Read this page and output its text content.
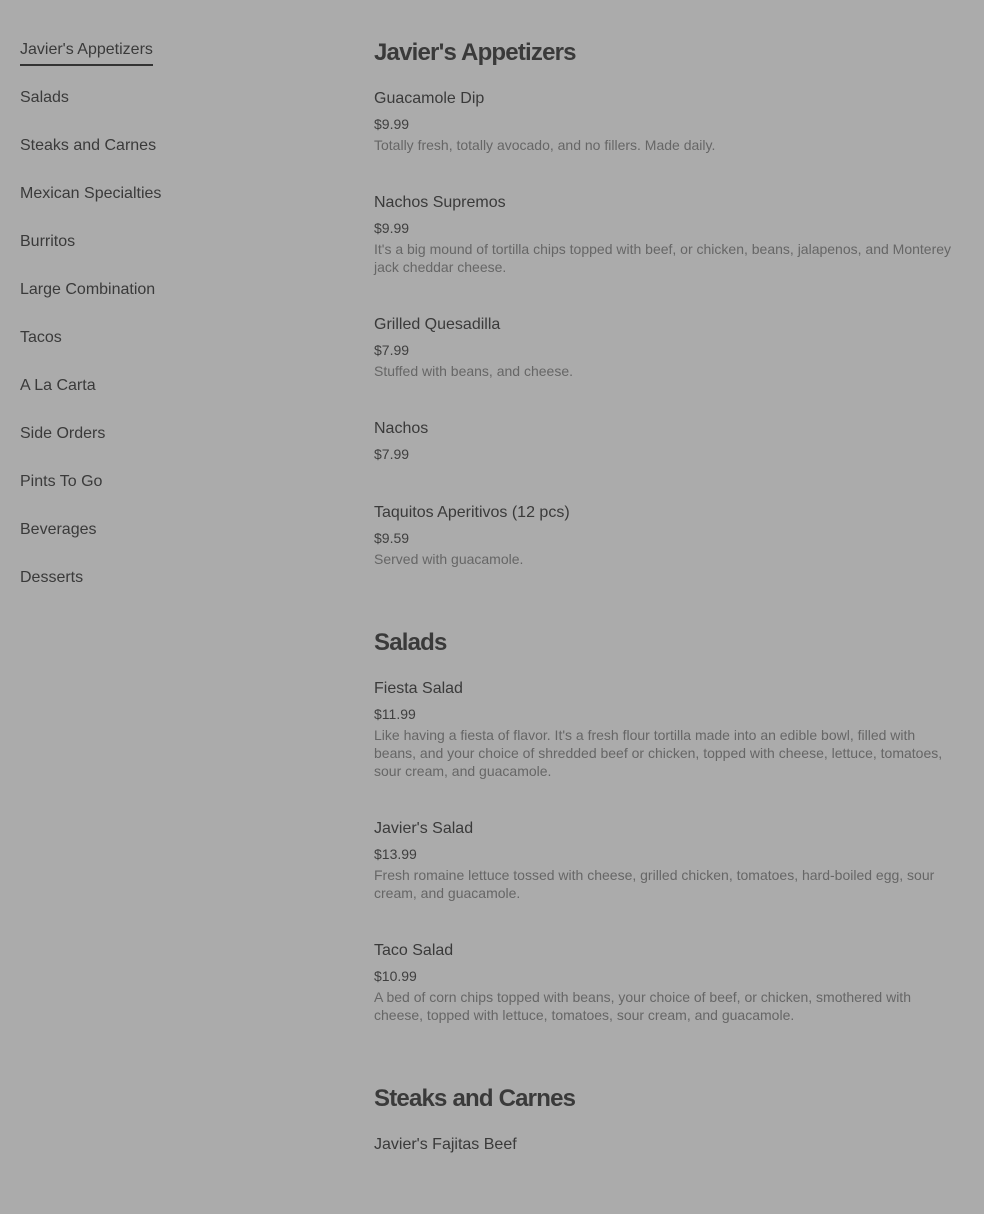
Javier's Appetizers
Salads
Steaks and Carnes
Mexican Specialties
Burritos
Large Combination
Tacos
A La Carta
Side Orders
Pints To Go
Beverages
Desserts
Javier's Appetizers
Guacamole Dip
$9.99
Totally fresh, totally avocado, and no fillers. Made daily.
Nachos Supremos
$9.99
It's a big mound of tortilla chips topped with beef, or chicken, beans, jalapenos, and Monterey jack cheddar cheese.
Grilled Quesadilla
$7.99
Stuffed with beans, and cheese.
Nachos
$7.99
Taquitos Aperitivos (12 pcs)
$9.59
Served with guacamole.
Salads
Fiesta Salad
$11.99
Like having a fiesta of flavor. It's a fresh flour tortilla made into an edible bowl, filled with beans, and your choice of shredded beef or chicken, topped with cheese, lettuce, tomatoes, sour cream, and guacamole.
Javier's Salad
$13.99
Fresh romaine lettuce tossed with cheese, grilled chicken, tomatoes, hard-boiled egg, sour cream, and guacamole.
Taco Salad
$10.99
A bed of corn chips topped with beans, your choice of beef, or chicken, smothered with cheese, topped with lettuce, tomatoes, sour cream, and guacamole.
Steaks and Carnes
Javier's Fajitas Beef
